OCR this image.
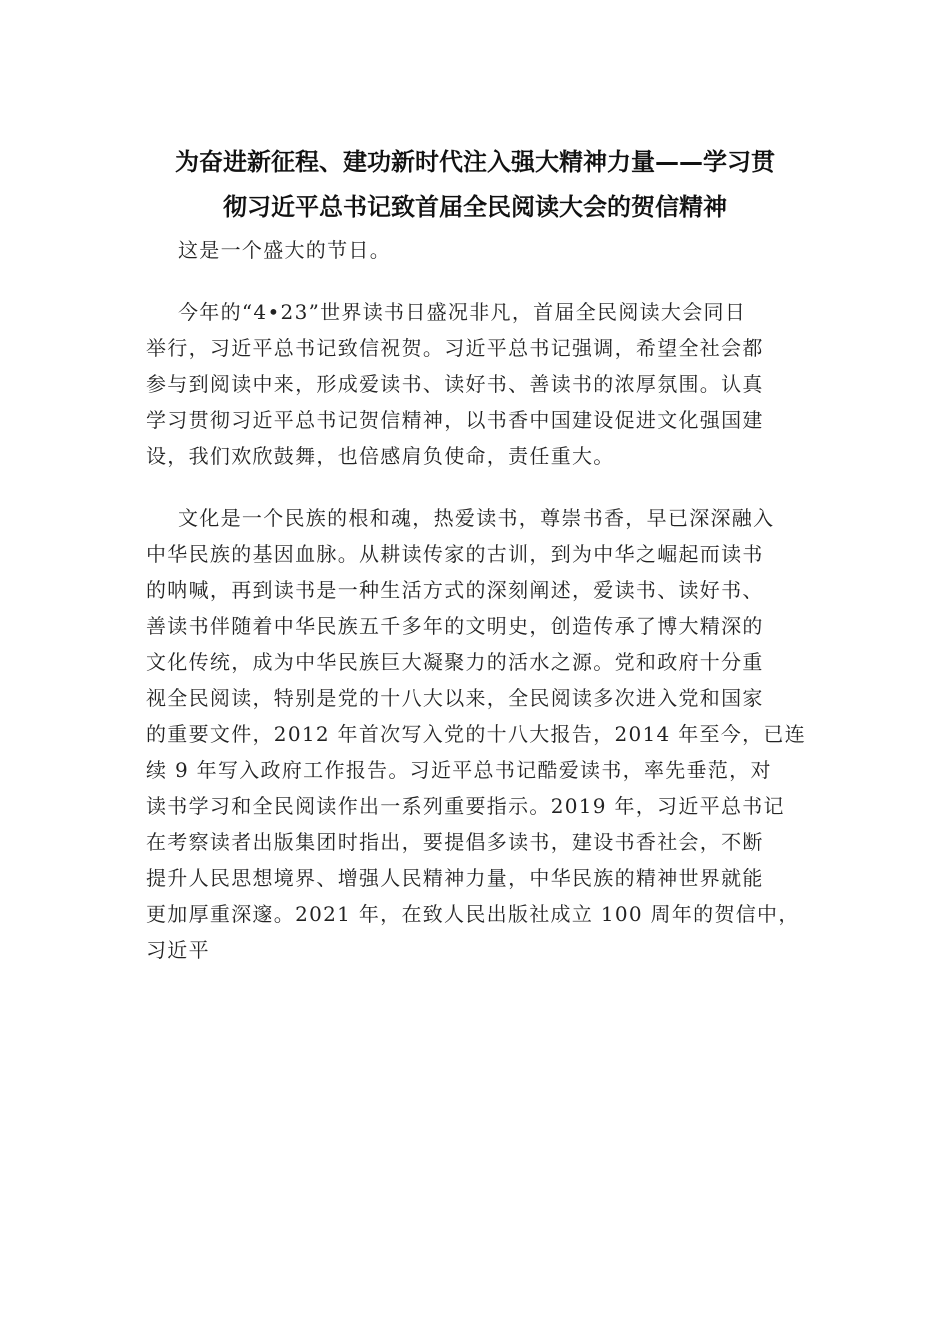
为奋进新征程、建功新时代注入强大精神力量——学习贯
彻习近平总书记致首届全民阅读大会的贺信精神

这是一个盛大的节日。

今年的“4•23”世界读书日盛况非凡，首届全民阅读大会同日
举行，习近平总书记致信祝贺。习近平总书记强调，希望全社会都
参与到阅读中来，形成爱读书、读好书、善读书的浓厚氛围。认真
学习贯彻习近平总书记贺信精神，以书香中国建设促进文化强国建
设，我们欢欣鼓舞，也倍感肩负使命，责任重大。

文化是一个民族的根和魂，热爱读书，尊崇书香，早已深深融入
中华民族的基因血脉。从耕读传家的古训，到为中华之崛起而读书
的呐喊，再到读书是一种生活方式的深刻阐述，爱读书、读好书、
善读书伴随着中华民族五千多年的文明史，创造传承了博大精深的
文化传统，成为中华民族巨大凝聚力的活水之源。党和政府十分重
视全民阅读，特别是党的十八大以来，全民阅读多次进入党和国家
的重要文件，2012 年首次写入党的十八大报告，2014 年至今，已连
续 9 年写入政府工作报告。习近平总书记酷爱读书，率先垂范，对
读书学习和全民阅读作出一系列重要指示。2019 年，习近平总书记
在考察读者出版集团时指出，要提倡多读书，建设书香社会，不断
提升人民思想境界、增强人民精神力量，中华民族的精神世界就能
更加厚重深邃。2021 年，在致人民出版社成立 100 周年的贺信中，
习近平
